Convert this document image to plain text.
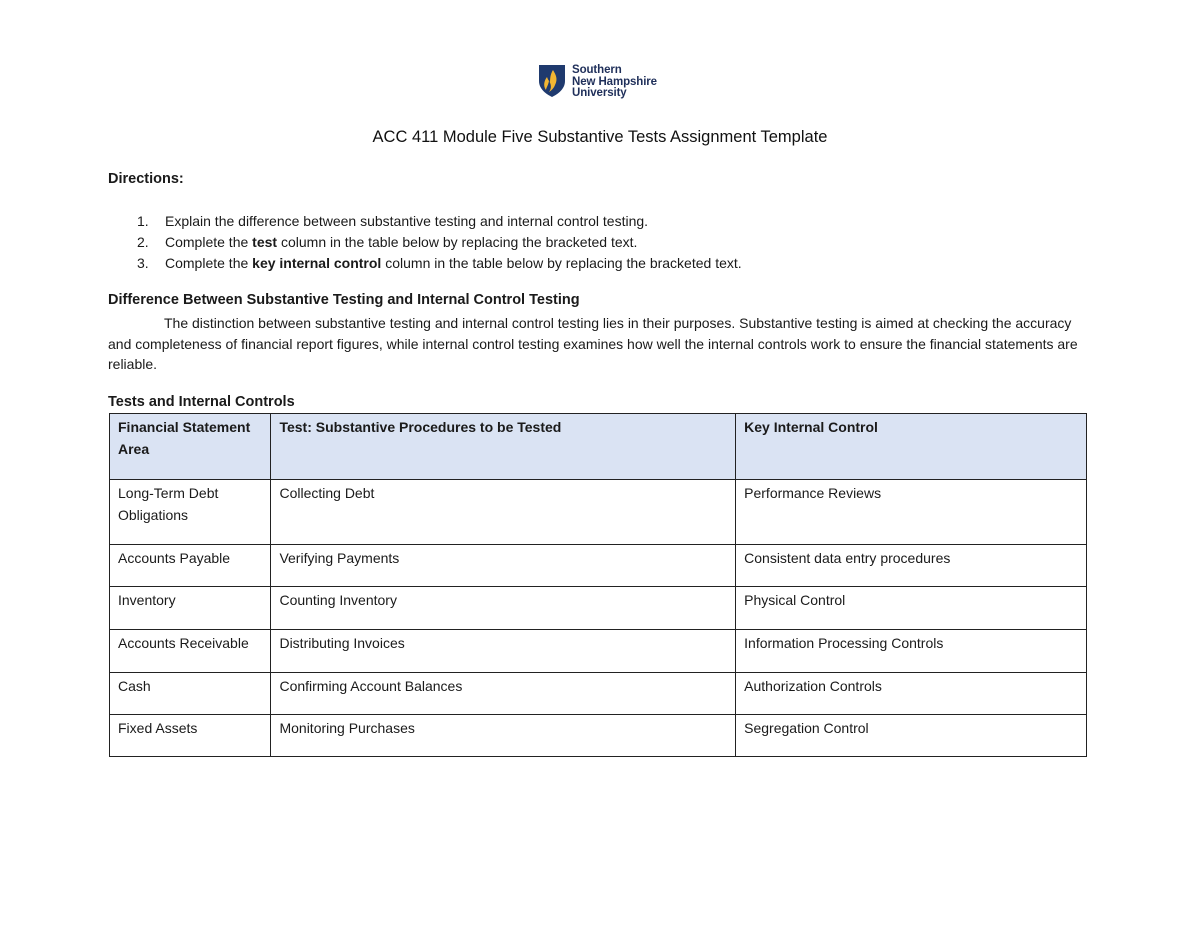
Southern
New Hampshire
University
ACC 411 Module Five Substantive Tests Assignment Template
Directions:
1. Explain the difference between substantive testing and internal control testing.
2. Complete the test column in the table below by replacing the bracketed text.
3. Complete the key internal control column in the table below by replacing the bracketed text.
Difference Between Substantive Testing and Internal Control Testing
The distinction between substantive testing and internal control testing lies in their purposes. Substantive testing is aimed at checking the accuracy and completeness of financial report figures, while internal control testing examines how well the internal controls work to ensure the financial statements are reliable.
Tests and Internal Controls
Financial Statement Area	Test: Substantive Procedures to be Tested	Key Internal Control
Long-Term Debt Obligations	Collecting Debt	Performance Reviews
Accounts Payable	Verifying Payments	Consistent data entry procedures
Inventory	Counting Inventory	Physical Control
Accounts Receivable	Distributing Invoices	Information Processing Controls
Cash	Confirming Account Balances	Authorization Controls
Fixed Assets	Monitoring Purchases	Segregation Control
